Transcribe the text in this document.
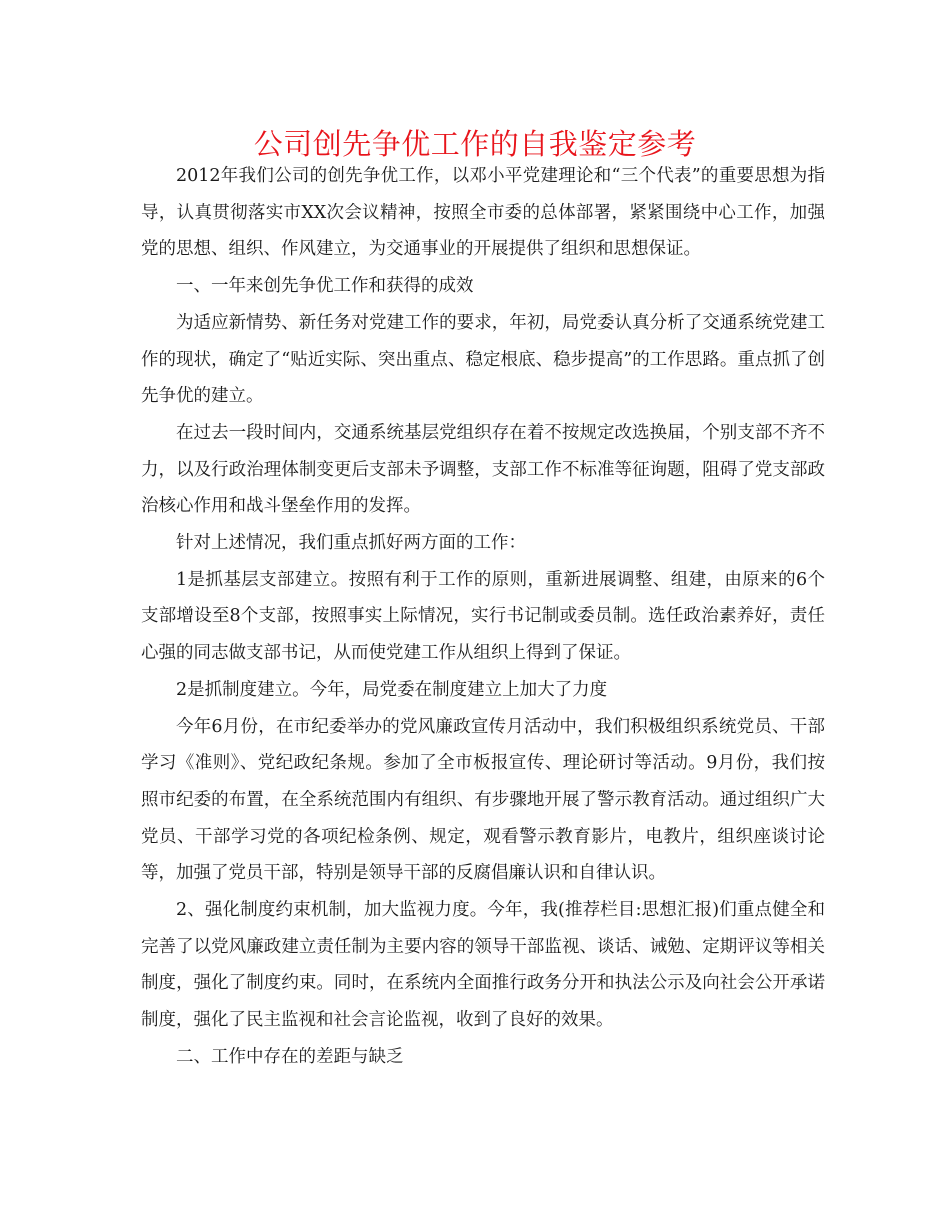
公司创先争优工作的自我鉴定参考

2012年我们公司的创先争优工作，以邓小平党建理论和“三个代表”的重要思想为指导，认真贯彻落实市XX次会议精神，按照全市委的总体部署，紧紧围绕中心工作，加强党的思想、组织、作风建立，为交通事业的开展提供了组织和思想保证。

一、一年来创先争优工作和获得的成效

为适应新情势、新任务对党建工作的要求，年初，局党委认真分析了交通系统党建工作的现状，确定了“贴近实际、突出重点、稳定根底、稳步提高”的工作思路。重点抓了创先争优的建立。

在过去一段时间内，交通系统基层党组织存在着不按规定改选换届，个别支部不齐不力，以及行政治理体制变更后支部未予调整，支部工作不标准等征询题，阻碍了党支部政治核心作用和战斗堡垒作用的发挥。

针对上述情况，我们重点抓好两方面的工作：

1是抓基层支部建立。按照有利于工作的原则，重新进展调整、组建，由原来的6个支部增设至8个支部，按照事实上际情况，实行书记制或委员制。选任政治素养好，责任心强的同志做支部书记，从而使党建工作从组织上得到了保证。

2是抓制度建立。今年，局党委在制度建立上加大了力度

今年6月份，在市纪委举办的党风廉政宣传月活动中，我们积极组织系统党员、干部学习《准则》、党纪政纪条规。参加了全市板报宣传、理论研讨等活动。9月份，我们按照市纪委的布置，在全系统范围内有组织、有步骤地开展了警示教育活动。通过组织广大党员、干部学习党的各项纪检条例、规定，观看警示教育影片，电教片，组织座谈讨论等，加强了党员干部，特别是领导干部的反腐倡廉认识和自律认识。

2、强化制度约束机制，加大监视力度。今年，我(推荐栏目:思想汇报)们重点健全和完善了以党风廉政建立责任制为主要内容的领导干部监视、谈话、诫勉、定期评议等相关制度，强化了制度约束。同时，在系统内全面推行政务分开和执法公示及向社会公开承诺制度，强化了民主监视和社会言论监视，收到了良好的效果。

二、工作中存在的差距与缺乏
